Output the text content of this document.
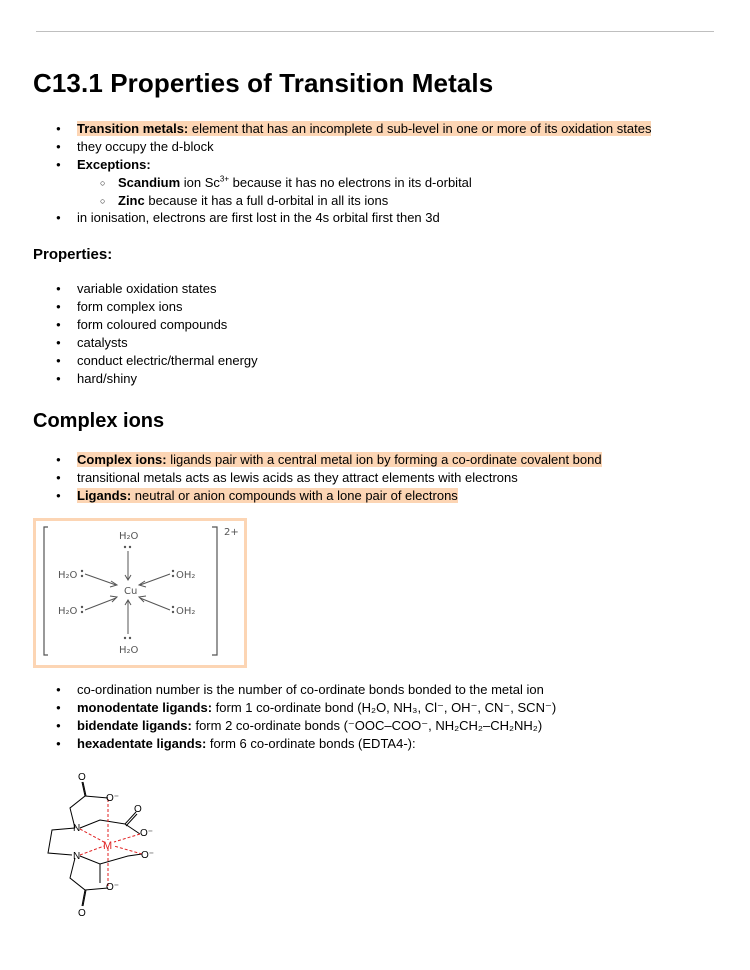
C13.1 Properties of Transition Metals
● Transition metals: element that has an incomplete d sub-level in one or more of its oxidation states
● they occupy the d-block
● Exceptions:
○ Scandium ion $Sc^{3+}$ because it has no electrons in its d-orbital
○ Zinc because it has a full d-orbital in all its ions
● in ionisation, electrons are first lost in the 4s orbital first then 3d
Properties:
● variable oxidation states
● form complex ions
● form coloured compounds
● catalysts
● conduct electric/thermal energy
● hard/shiny
Complex ions
● Complex ions: ligands pair with a central metal ion by forming a co-ordinate covalent bond
● transitional metals acts as lewis acids as they attract elements with electrons
● Ligands: neutral or anion compounds with a lone pair of electrons
2+
Cu
H₂O
H₂O
H₂O
H₂O
OH₂
OH₂
● co-ordination number is the number of co-ordinate bonds bonded to the metal ion
● monodentate ligands: form 1 co-ordinate bond (H₂O, NH₃, Cl⁻, OH⁻, CN⁻, SCN⁻)
● bidendate ligands: form 2 co-ordinate bonds (⁻OOC–COO⁻, NH₂CH₂–CH₂NH₂)
● hexadentate ligands: form 6 co-ordinate bonds (EDTA4-):
M
N
N
O
O⁻
O
O⁻
O⁻
O⁻
O
